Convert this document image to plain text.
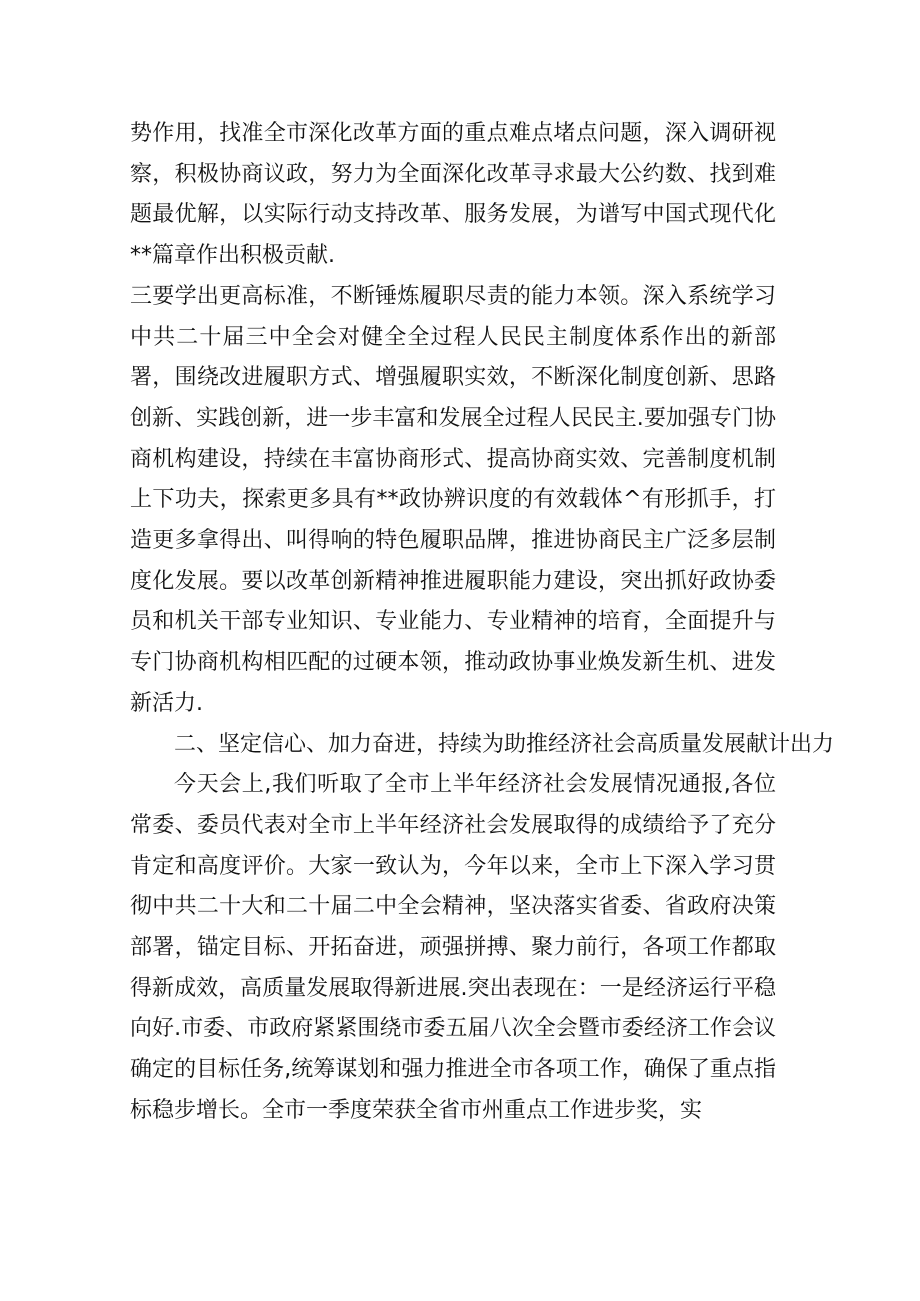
势作用，找准全市深化改革方面的重点难点堵点问题，深入调研视察，积极协商议政，努力为全面深化改革寻求最大公约数、找到难题最优解，以实际行动支持改革、服务发展，为谱写中国式现代化**篇章作出积极贡献.

三要学出更高标准，不断锤炼履职尽责的能力本领。深入系统学习中共二十届三中全会对健全全过程人民民主制度体系作出的新部署，围绕改进履职方式、增强履职实效，不断深化制度创新、思路创新、实践创新，进一步丰富和发展全过程人民民主.要加强专门协商机构建设，持续在丰富协商形式、提高协商实效、完善制度机制上下功夫，探索更多具有**政协辨识度的有效载体^有形抓手，打造更多拿得出、叫得响的特色履职品牌，推进协商民主广泛多层制度化发展。要以改革创新精神推进履职能力建设，突出抓好政协委员和机关干部专业知识、专业能力、专业精神的培育，全面提升与专门协商机构相匹配的过硬本领，推动政协事业焕发新生机、进发新活力.

二、坚定信心、加力奋进，持续为助推经济社会高质量发展献计出力

今天会上,我们听取了全市上半年经济社会发展情况通报,各位常委、委员代表对全市上半年经济社会发展取得的成绩给予了充分肯定和高度评价。大家一致认为，今年以来，全市上下深入学习贯彻中共二十大和二十届二中全会精神，坚决落实省委、省政府决策部署，锚定目标、开拓奋进，顽强拼搏、聚力前行，各项工作都取得新成效，高质量发展取得新进展.突出表现在：一是经济运行平稳向好.市委、市政府紧紧围绕市委五届八次全会暨市委经济工作会议确定的目标任务,统筹谋划和强力推进全市各项工作，确保了重点指标稳步增长。全市一季度荣获全省市州重点工作进步奖，实
